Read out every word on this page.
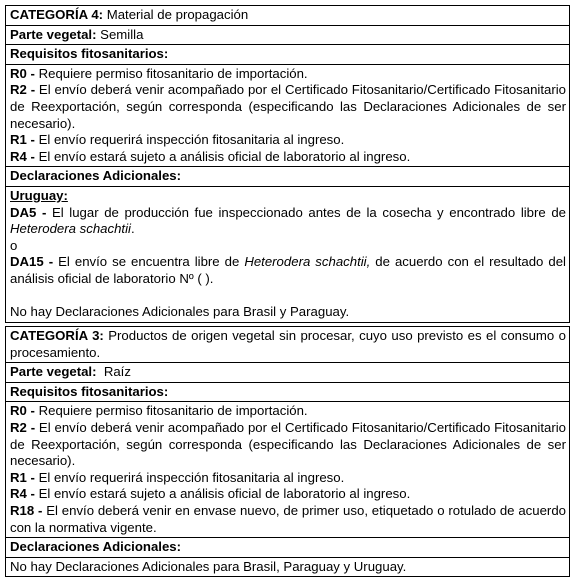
CATEGORÍA 4: Material de propagación
Parte vegetal: Semilla
Requisitos fitosanitarios:
R0 - Requiere permiso fitosanitario de importación.
R2 - El envío deberá venir acompañado por el Certificado Fitosanitario/Certificado Fitosanitario de Reexportación, según corresponda (especificando las Declaraciones Adicionales de ser necesario).
R1 - El envío requerirá inspección fitosanitaria al ingreso.
R4 - El envío estará sujeto a análisis oficial de laboratorio al ingreso.
Declaraciones Adicionales:
Uruguay:
DA5 - El lugar de producción fue inspeccionado antes de la cosecha y encontrado libre de Heterodera schachtii.
o
DA15 - El envío se encuentra libre de Heterodera schachtii, de acuerdo con el resultado del análisis oficial de laboratorio Nº ( ).
No hay Declaraciones Adicionales para Brasil y Paraguay.
CATEGORÍA 3: Productos de origen vegetal sin procesar, cuyo uso previsto es el consumo o procesamiento.
Parte vegetal:  Raíz
Requisitos fitosanitarios:
R0 - Requiere permiso fitosanitario de importación.
R2 - El envío deberá venir acompañado por el Certificado Fitosanitario/Certificado Fitosanitario de Reexportación, según corresponda (especificando las Declaraciones Adicionales de ser necesario).
R1 - El envío requerirá inspección fitosanitaria al ingreso.
R4 - El envío estará sujeto a análisis oficial de laboratorio al ingreso.
R18 - El envío deberá venir en envase nuevo, de primer uso, etiquetado o rotulado de acuerdo con la normativa vigente.
Declaraciones Adicionales:
No hay Declaraciones Adicionales para Brasil, Paraguay y Uruguay.
